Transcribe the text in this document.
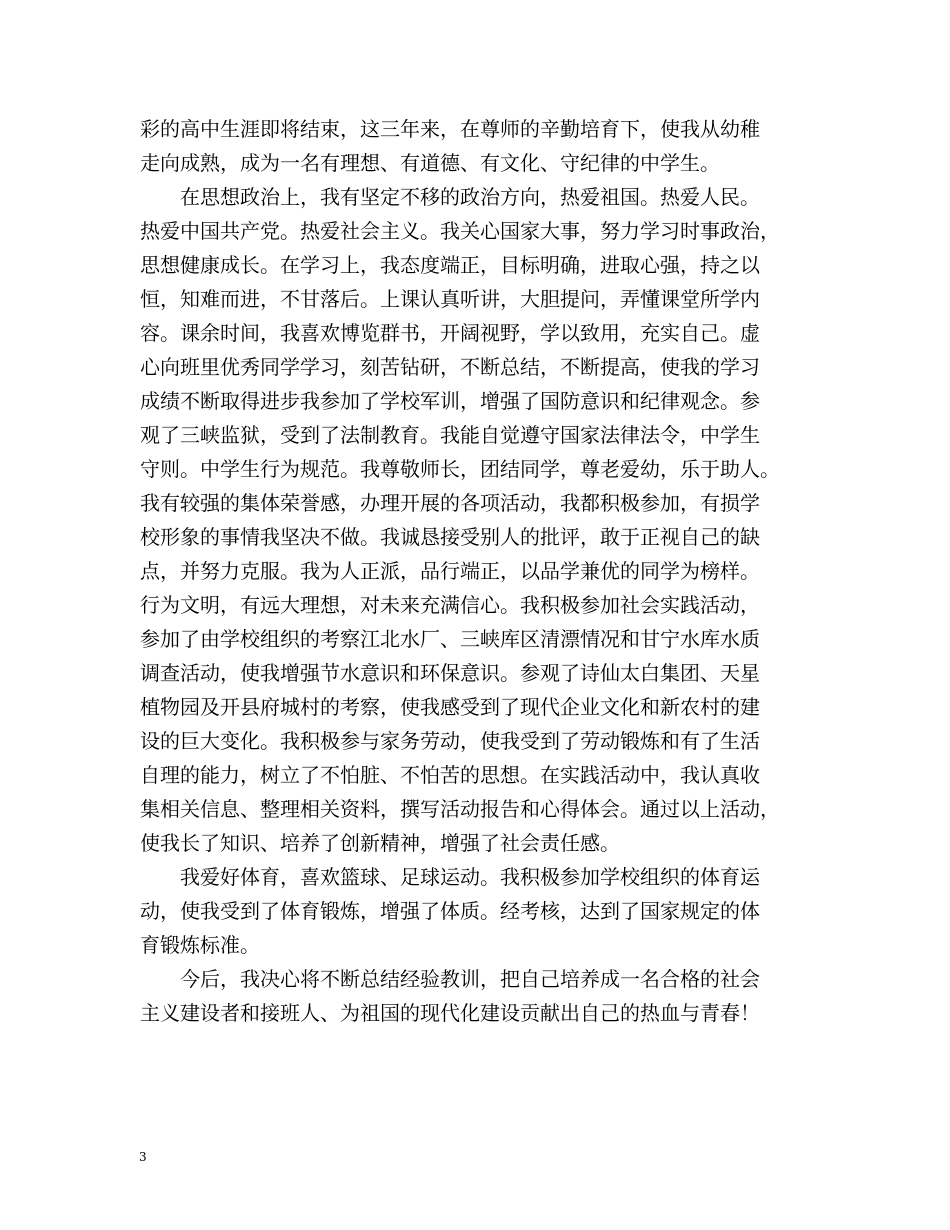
彩的高中生涯即将结束，这三年来，在尊师的辛勤培育下，使我从幼稚
走向成熟，成为一名有理想、有道德、有文化、守纪律的中学生。
　　在思想政治上，我有坚定不移的政治方向，热爱祖国。热爱人民。
热爱中国共产党。热爱社会主义。我关心国家大事，努力学习时事政治，
思想健康成长。在学习上，我态度端正，目标明确，进取心强，持之以
恒，知难而进，不甘落后。上课认真听讲，大胆提问，弄懂课堂所学内
容。课余时间，我喜欢博览群书，开阔视野，学以致用，充实自己。虚
心向班里优秀同学学习，刻苦钻研，不断总结，不断提高，使我的学习
成绩不断取得进步我参加了学校军训，增强了国防意识和纪律观念。参
观了三峡监狱，受到了法制教育。我能自觉遵守国家法律法令，中学生
守则。中学生行为规范。我尊敬师长，团结同学，尊老爱幼，乐于助人。
我有较强的集体荣誉感，办理开展的各项活动，我都积极参加，有损学
校形象的事情我坚决不做。我诚恳接受别人的批评，敢于正视自己的缺
点，并努力克服。我为人正派，品行端正，以品学兼优的同学为榜样。
行为文明，有远大理想，对未来充满信心。我积极参加社会实践活动，
参加了由学校组织的考察江北水厂、三峡库区清漂情况和甘宁水库水质
调查活动，使我增强节水意识和环保意识。参观了诗仙太白集团、天星
植物园及开县府城村的考察，使我感受到了现代企业文化和新农村的建
设的巨大变化。我积极参与家务劳动，使我受到了劳动锻炼和有了生活
自理的能力，树立了不怕脏、不怕苦的思想。在实践活动中，我认真收
集相关信息、整理相关资料，撰写活动报告和心得体会。通过以上活动，
使我长了知识、培养了创新精神，增强了社会责任感。
　　我爱好体育，喜欢篮球、足球运动。我积极参加学校组织的体育运
动，使我受到了体育锻炼，增强了体质。经考核，达到了国家规定的体
育锻炼标准。
　　今后，我决心将不断总结经验教训，把自己培养成一名合格的社会
主义建设者和接班人、为祖国的现代化建设贡献出自己的热血与青春！
3
